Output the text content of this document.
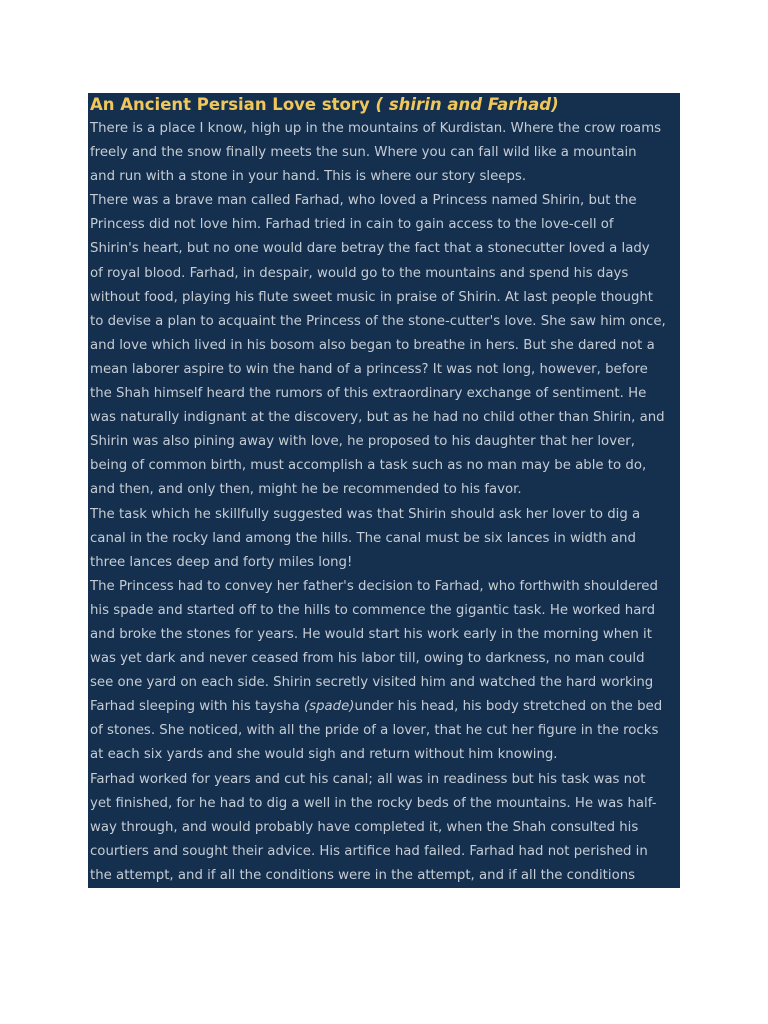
An Ancient Persian Love story ( shirin and Farhad)

There is a place I know, high up in the mountains of Kurdistan. Where the crow roams
freely and the snow finally meets the sun. Where you can fall wild like a mountain
and run with a stone in your hand. This is where our story sleeps.

There was a brave man called Farhad, who loved a Princess named Shirin, but the
Princess did not love him. Farhad tried in cain to gain access to the love-cell of
Shirin's heart, but no one would dare betray the fact that a stonecutter loved a lady
of royal blood. Farhad, in despair, would go to the mountains and spend his days
without food, playing his flute sweet music in praise of Shirin. At last people thought
to devise a plan to acquaint the Princess of the stone-cutter's love. She saw him once,
and love which lived in his bosom also began to breathe in hers. But she dared not a
mean laborer aspire to win the hand of a princess? It was not long, however, before
the Shah himself heard the rumors of this extraordinary exchange of sentiment. He
was naturally indignant at the discovery, but as he had no child other than Shirin, and
Shirin was also pining away with love, he proposed to his daughter that her lover,
being of common birth, must accomplish a task such as no man may be able to do,
and then, and only then, might he be recommended to his favor.

The task which he skillfully suggested was that Shirin should ask her lover to dig a
canal in the rocky land among the hills. The canal must be six lances in width and
three lances deep and forty miles long!

The Princess had to convey her father's decision to Farhad, who forthwith shouldered
his spade and started off to the hills to commence the gigantic task. He worked hard
and broke the stones for years. He would start his work early in the morning when it
was yet dark and never ceased from his labor till, owing to darkness, no man could
see one yard on each side. Shirin secretly visited him and watched the hard working
Farhad sleeping with his taysha (spade)under his head, his body stretched on the bed
of stones. She noticed, with all the pride of a lover, that he cut her figure in the rocks
at each six yards and she would sigh and return without him knowing.

Farhad worked for years and cut his canal; all was in readiness but his task was not
yet finished, for he had to dig a well in the rocky beds of the mountains. He was half-
way through, and would probably have completed it, when the Shah consulted his
courtiers and sought their advice. His artifice had failed. Farhad had not perished in
the attempt, and if all the conditions were in the attempt, and if all the conditions
